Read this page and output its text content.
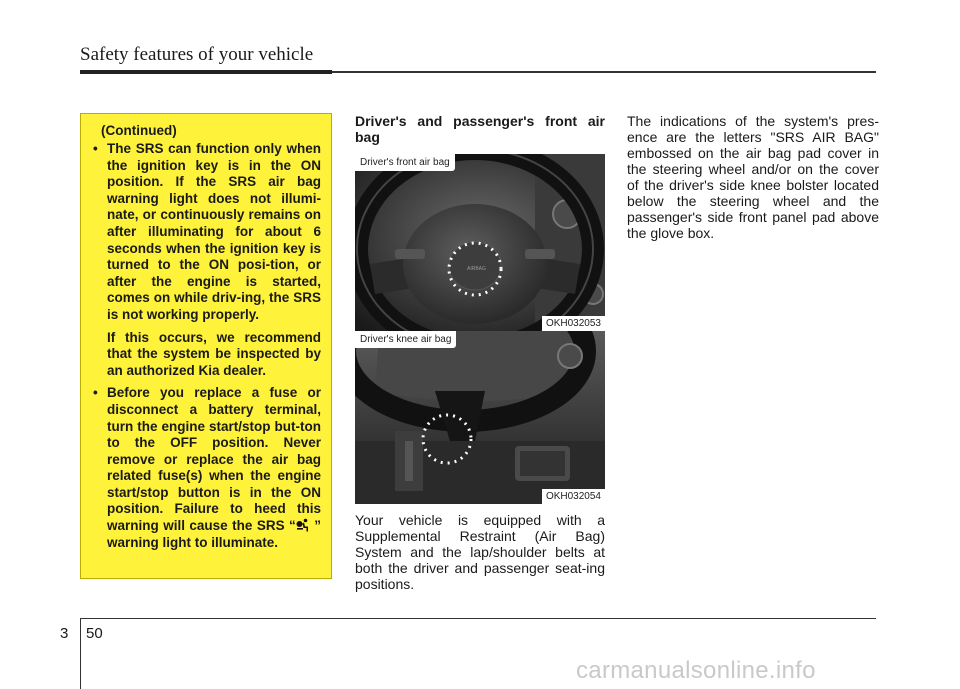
Safety features of your vehicle
(Continued)
• The SRS can function only when the ignition key is in the ON position. If the SRS air bag warning light does not illumi-nate, or continuously remains on after illuminating for about 6 seconds when the ignition key is turned to the ON posi-tion, or after the engine is started, comes on while driv-ing, the SRS is not working properly.
If this occurs, we recommend that the system be inspected by an authorized Kia dealer.
• Before you replace a fuse or disconnect a battery terminal, turn the engine start/stop but-ton to the OFF position. Never remove or replace the air bag related fuse(s) when the engine start/stop button is in the ON position. Failure to heed this warning will cause the SRS “ ” warning light to illuminate.

Driver's and passenger's front air bag

AIRBAG
Driver's front air bag
OKH032053
Driver's knee air bag
OKH032054

Your vehicle is equipped with a Supplemental Restraint (Air Bag) System and the lap/shoulder belts at both the driver and passenger seat-ing positions.

The indications of the system's pres-ence are the letters "SRS AIR BAG" embossed on the air bag pad cover in the steering wheel and/or on the cover of the driver's side knee bolster located below the steering wheel and the passenger's side front panel pad above the glove box.

3 50
carmanualsonline.info
